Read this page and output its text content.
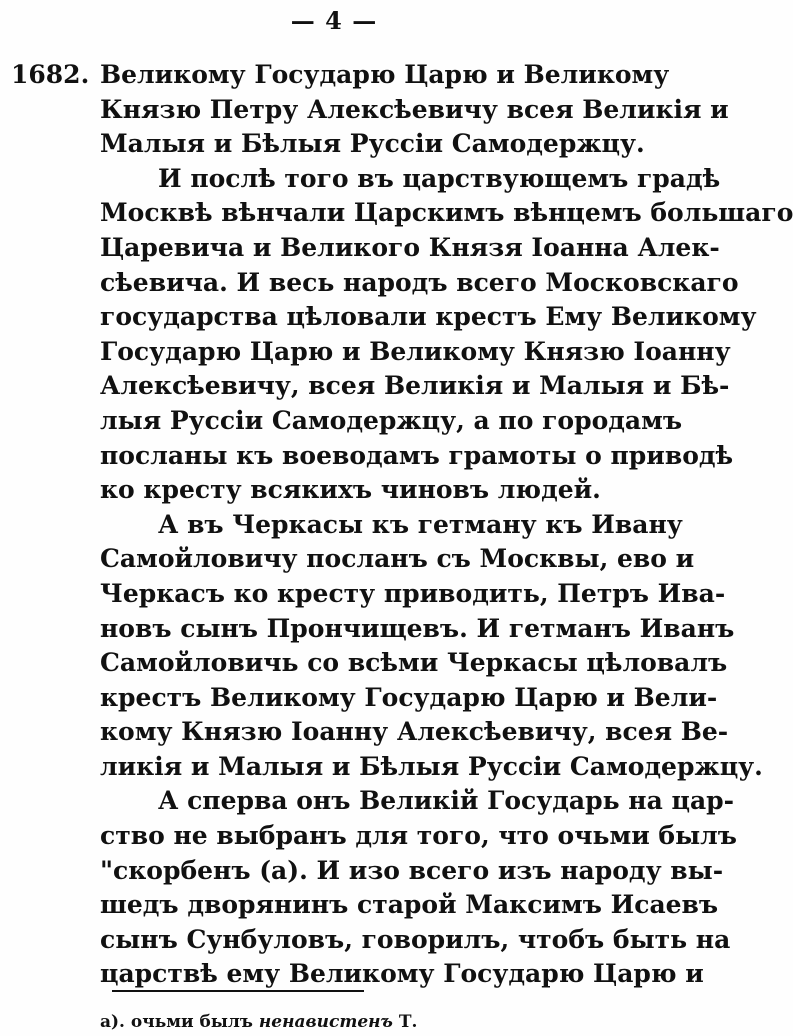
— 4 —
1682. Великому Государю Царю и Великому
Князю Петру Алексѣевичу всея Великія и
Малыя и Бѣлыя Руссіи Самодержцу.
И послѣ того въ царствующемъ градѣ
Москвѣ вѣнчали Царскимъ вѣнцемъ большаго
Царевича и Великого Князя Іоанна Алек-
сѣевича. И весь народъ всего Московскаго
государства цѣловали крестъ Ему Великому
Государю Царю и Великому Князю Іоанну
Алексѣевичу, всея Великія и Малыя и Бѣ-
лыя Руссіи Самодержцу, а по городамъ
посланы къ воеводамъ грамоты о приводѣ
ко кресту всякихъ чиновъ людей.
А въ Черкасы къ гетману къ Ивану
Самойловичу посланъ съ Москвы, ево и
Черкасъ ко кресту приводить, Петръ Ива-
новъ сынъ Прончищевъ. И гетманъ Иванъ
Самойловичь со всѣми Черкасы цѣловалъ
крестъ Великому Государю Царю и Вели-
кому Князю Іоанну Алексѣевичу, всея Ве-
ликія и Малыя и Бѣлыя Руссіи Самодержцу.
А сперва онъ Великій Государь на цар-
ство не выбранъ для того, что очьми былъ
"скорбенъ (а). И изо всего изъ народу вы-
шедъ дворянинъ старой Максимъ Исаевъ
сынъ Сунбуловъ, говорилъ, чтобъ быть на
царствѣ ему Великому Государю Царю и
а). очьми былъ ненавистенъ Т.
